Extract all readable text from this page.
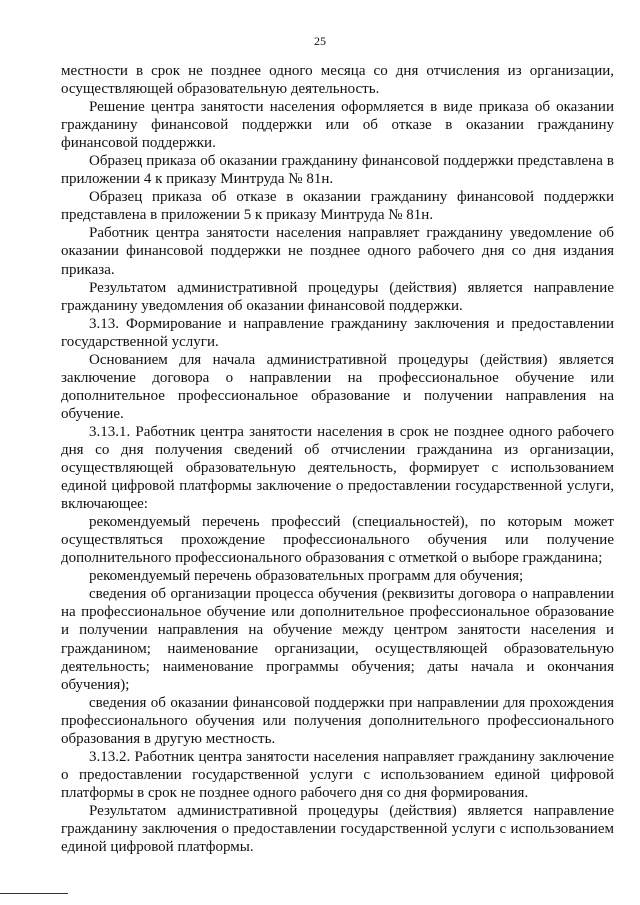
25

местности в срок не позднее одного месяца со дня отчисления из организации, осуществляющей образовательную деятельность.

Решение центра занятости населения оформляется в виде приказа об оказании гражданину финансовой поддержки или об отказе в оказании гражданину финансовой поддержки.

Образец приказа об оказании гражданину финансовой поддержки представлена в приложении 4 к приказу Минтруда № 81н.

Образец приказа об отказе в оказании гражданину финансовой поддержки представлена в приложении 5 к приказу Минтруда № 81н.

Работник центра занятости населения направляет гражданину уведомление об оказании финансовой поддержки не позднее одного рабочего дня со дня издания приказа.

Результатом административной процедуры (действия) является направление гражданину уведомления об оказании финансовой поддержки.

3.13. Формирование и направление гражданину заключения и предоставлении государственной услуги.

Основанием для начала административной процедуры (действия) является заключение договора о направлении на профессиональное обучение или дополнительное профессиональное образование и получении направления на обучение.

3.13.1. Работник центра занятости населения в срок не позднее одного рабочего дня со дня получения сведений об отчислении гражданина из организации, осуществляющей образовательную деятельность, формирует с использованием единой цифровой платформы заключение о предоставлении государственной услуги, включающее:

рекомендуемый перечень профессий (специальностей), по которым может осуществляться прохождение профессионального обучения или получение дополнительного профессионального образования с отметкой о выборе гражданина;

рекомендуемый перечень образовательных программ для обучения;

сведения об организации процесса обучения (реквизиты договора о направлении на профессиональное обучение или дополнительное профессиональное образование и получении направления на обучение между центром занятости населения и гражданином; наименование организации, осуществляющей образовательную деятельность; наименование программы обучения; даты начала и окончания обучения);

сведения об оказании финансовой поддержки при направлении для прохождения профессионального обучения или получения дополнительного профессионального образования в другую местность.

3.13.2. Работник центра занятости населения направляет гражданину заключение о предоставлении государственной услуги с использованием единой цифровой платформы в срок не позднее одного рабочего дня со дня формирования.

Результатом административной процедуры (действия) является направление гражданину заключения о предоставлении государственной услуги с использованием единой цифровой платформы.
